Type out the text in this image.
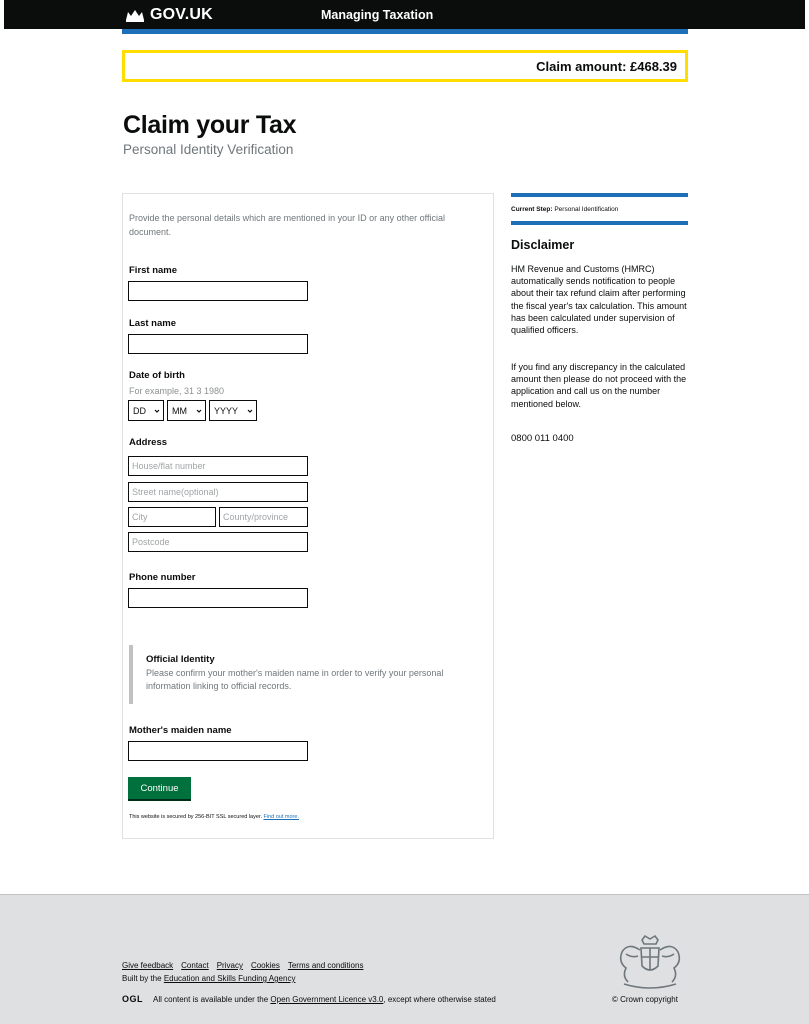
GOV.UK	Managing Taxation
Claim amount: £468.39
Claim your Tax
Personal Identity Verification

Provide the personal details which are mentioned in your ID or any other official document.

First name
Last name
Date of birth
For example, 31 3 1980
DD	MM	YYYY
Address
House/flat number
Street name(optional)
City
County/province
Postcode
Phone number
Official Identity

Please confirm your mother's maiden name in order to verify your personal information linking to official records.

Mother's maiden name
Continue
This website is secured by 256-BIT SSL secured layer. Find out more.
Current Step: Personal Identification
Disclaimer

HM Revenue and Customs (HMRC) automatically sends notification to people about their tax refund claim after performing the fiscal year's tax calculation. This amount has been calculated under supervision of qualified officers.

If you find any discrepancy in the calculated amount then please do not proceed with the application and call us on the number mentioned below.

0800 011 0400
Give feedback Contact Privacy Cookies Terms and conditions
Built by the Education and Skills Funding Agency
OGL All content is available under the Open Government Licence v3.0, except where otherwise stated	© Crown copyright
